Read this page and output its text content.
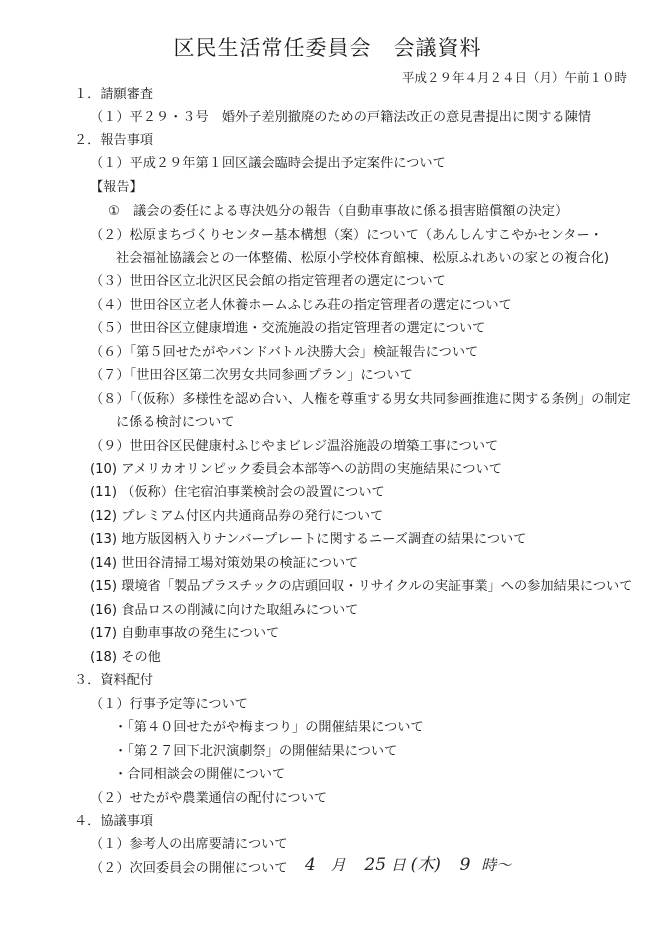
区民生活常任委員会　会議資料
平成２９年４月２４日（月）午前１０時
１．請願審査
（１）平２９・３号　婚外子差別撤廃のための戸籍法改正の意見書提出に関する陳情
２．報告事項
（１）平成２９年第１回区議会臨時会提出予定案件について
【報告】
①　議会の委任による専決処分の報告（自動車事故に係る損害賠償額の決定）
（２）松原まちづくりセンター基本構想（案）について（あんしんすこやかセンター・
社会福祉協議会との一体整備、松原小学校体育館棟、松原ふれあいの家との複合化)
（３）世田谷区立北沢区民会館の指定管理者の選定について
（４）世田谷区立老人休養ホームふじみ荘の指定管理者の選定について
（５）世田谷区立健康増進・交流施設の指定管理者の選定について
（６）「第５回せたがやバンドバトル決勝大会」検証報告について
（７）「世田谷区第二次男女共同参画プラン」について
（８）「（仮称）多様性を認め合い、人権を尊重する男女共同参画推進に関する条例」の制定
に係る検討について
（９）世田谷区民健康村ふじやまビレジ温浴施設の増築工事について
(10) アメリカオリンピック委員会本部等への訪問の実施結果について
(11) （仮称）住宅宿泊事業検討会の設置について
(12) プレミアム付区内共通商品券の発行について
(13) 地方版図柄入りナンバープレートに関するニーズ調査の結果について
(14) 世田谷清掃工場対策効果の検証について
(15) 環境省「製品プラスチックの店頭回収・リサイクルの実証事業」への参加結果について
(16) 食品ロスの削減に向けた取組みについて
(17) 自動車事故の発生について
(18) その他
３．資料配付
（１）行事予定等について
・「第４０回せたがや梅まつり」の開催結果について
・「第２７回下北沢演劇祭」の開催結果について
・合同相談会の開催について
（２）せたがや農業通信の配付について
４．協議事項
（１）参考人の出席要請について
（２）次回委員会の開催について 4 月 25 日 (木) 9 時〜
